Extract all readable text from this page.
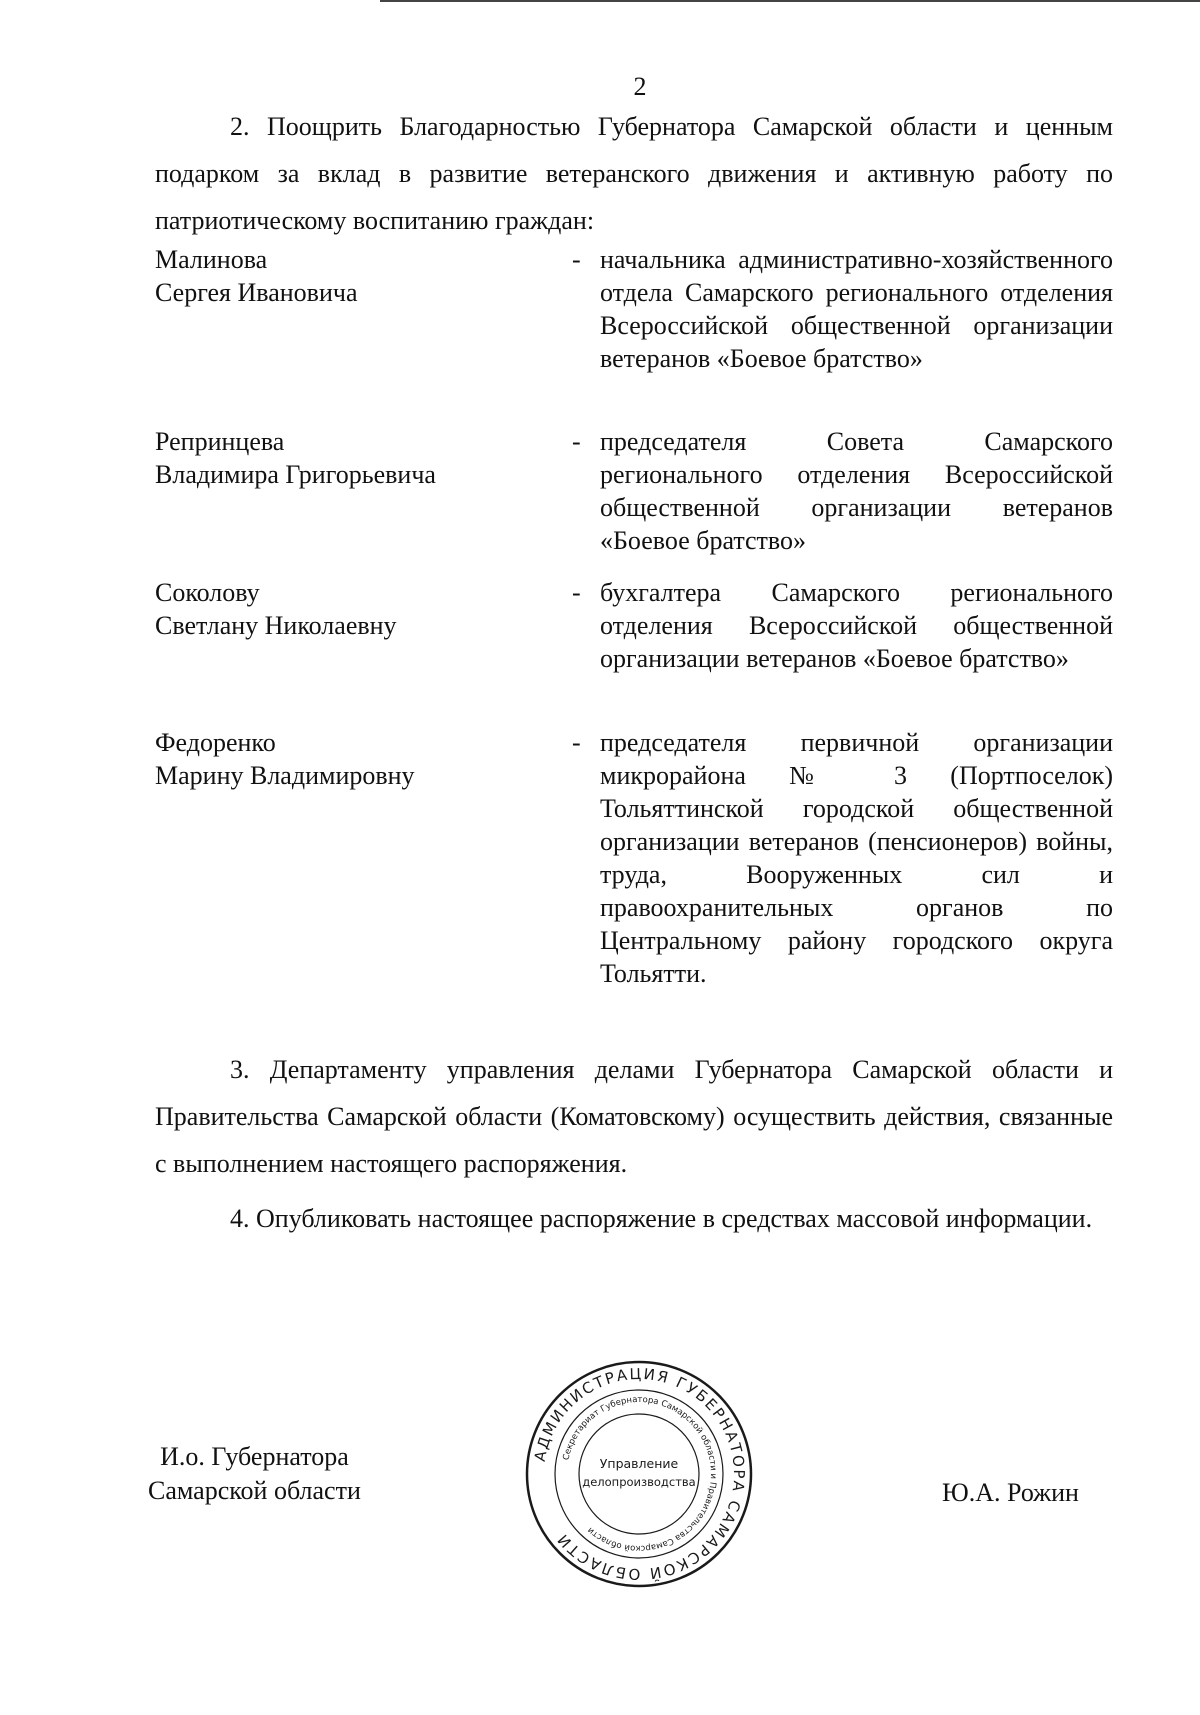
2
2. Поощрить Благодарностью Губернатора Самарской области и ценным подарком за вклад в развитие ветеранского движения и активную работу по патриотическому воспитанию граждан:
Малинова
Сергея Ивановича
- начальника административно-хозяйственного отдела Самарского регионального отделения Всероссийской общественной организации ветеранов «Боевое братство»
Репринцева
Владимира Григорьевича
- председателя Совета Самарского регионального отделения Всероссийской общественной организации ветеранов «Боевое братство»
Соколову
Светлану Николаевну
- бухгалтера Самарского регионального отделения Всероссийской общественной организации ветеранов «Боевое братство»
Федоренко
Марину Владимировну
- председателя первичной организации микрорайона № 3 (Портпоселок) Тольяттинской городской общественной организации ветеранов (пенсионеров) войны, труда, Вооруженных сил и правоохранительных органов по Центральному району городского округа Тольятти.
3. Департаменту управления делами Губернатора Самарской области и Правительства Самарской области (Коматовскому) осуществить действия, связанные с выполнением настоящего распоряжения.
4. Опубликовать настоящее распоряжение в средствах массовой информации.
И.о. Губернатора
Самарской области	Ю.А. Рожин
АДМИНИСТРАЦИЯ ГУБЕРНАТОРА САМАРСКОЙ ОБЛАСТИ
Секретариат Губернатора Самарской области и Правительства Самарской области
Управление
делопроизводства
